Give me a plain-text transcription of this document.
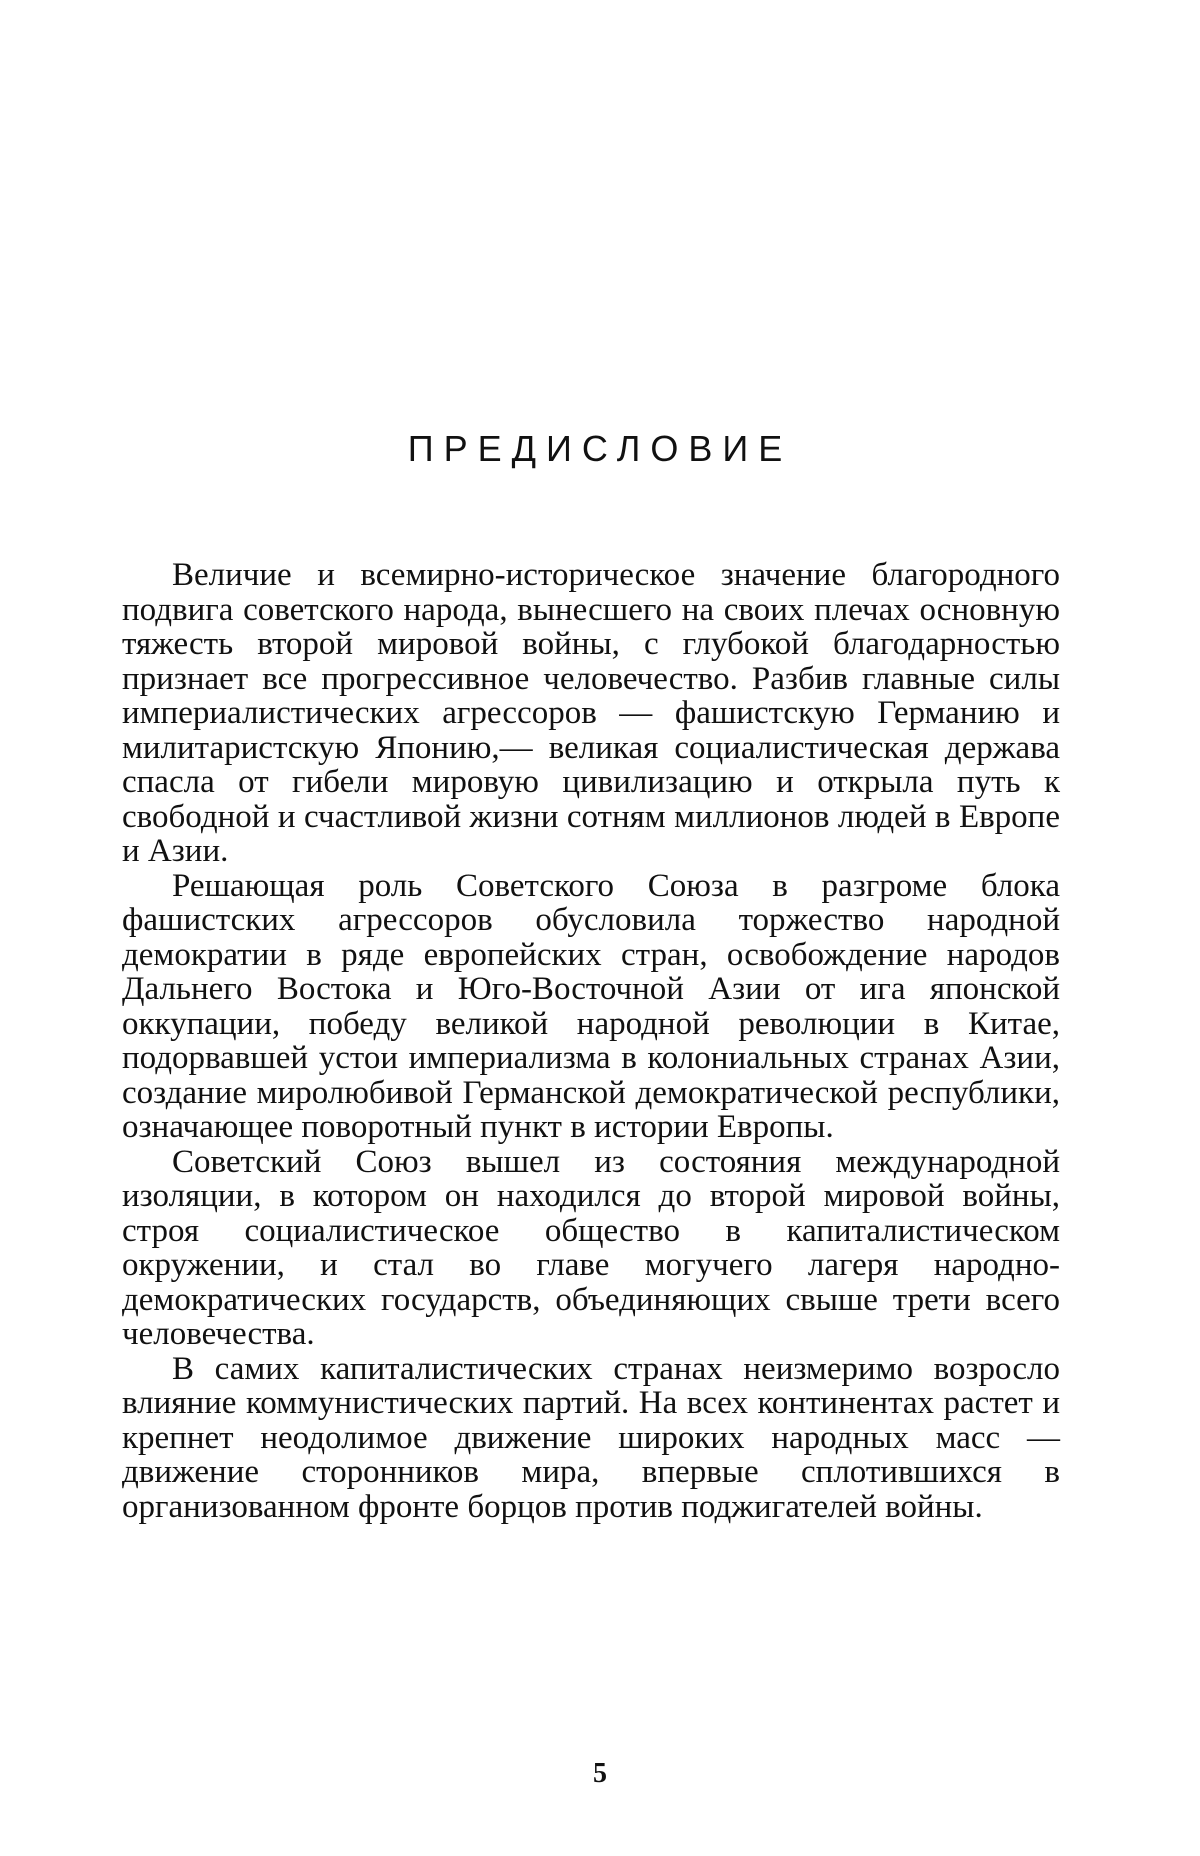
ПРЕДИСЛОВИЕ

Величие и всемирно-историческое значение благородного подвига советского народа, вынесшего на своих плечах основную тяжесть второй мировой войны, с глубокой благодарностью признает все прогрессивное человечество. Разбив главные силы империалистических агрессоров — фашистскую Германию и милитаристскую Японию,— великая социалистическая держава спасла от гибели мировую цивилизацию и открыла путь к свободной и счастливой жизни сотням миллионов людей в Европе и Азии.

Решающая роль Советского Союза в разгроме блока фашистских агрессоров обусловила торжество народной демократии в ряде европейских стран, освобождение народов Дальнего Востока и Юго-Восточной Азии от ига японской оккупации, победу великой народной революции в Китае, подорвавшей устои империализма в колониальных странах Азии, создание миролюбивой Германской демократической республики, означающее поворотный пункт в истории Европы.

Советский Союз вышел из состояния международной изоляции, в котором он находился до второй мировой войны, строя социалистическое общество в капиталистическом окружении, и стал во главе могучего лагеря народно-демократических государств, объединяющих свыше трети всего человечества.

В самих капиталистических странах неизмеримо возросло влияние коммунистических партий. На всех континентах растет и крепнет неодолимое движение широких народных масс — движение сторонников мира, впервые сплотившихся в организованном фронте борцов против поджигателей войны.

5
